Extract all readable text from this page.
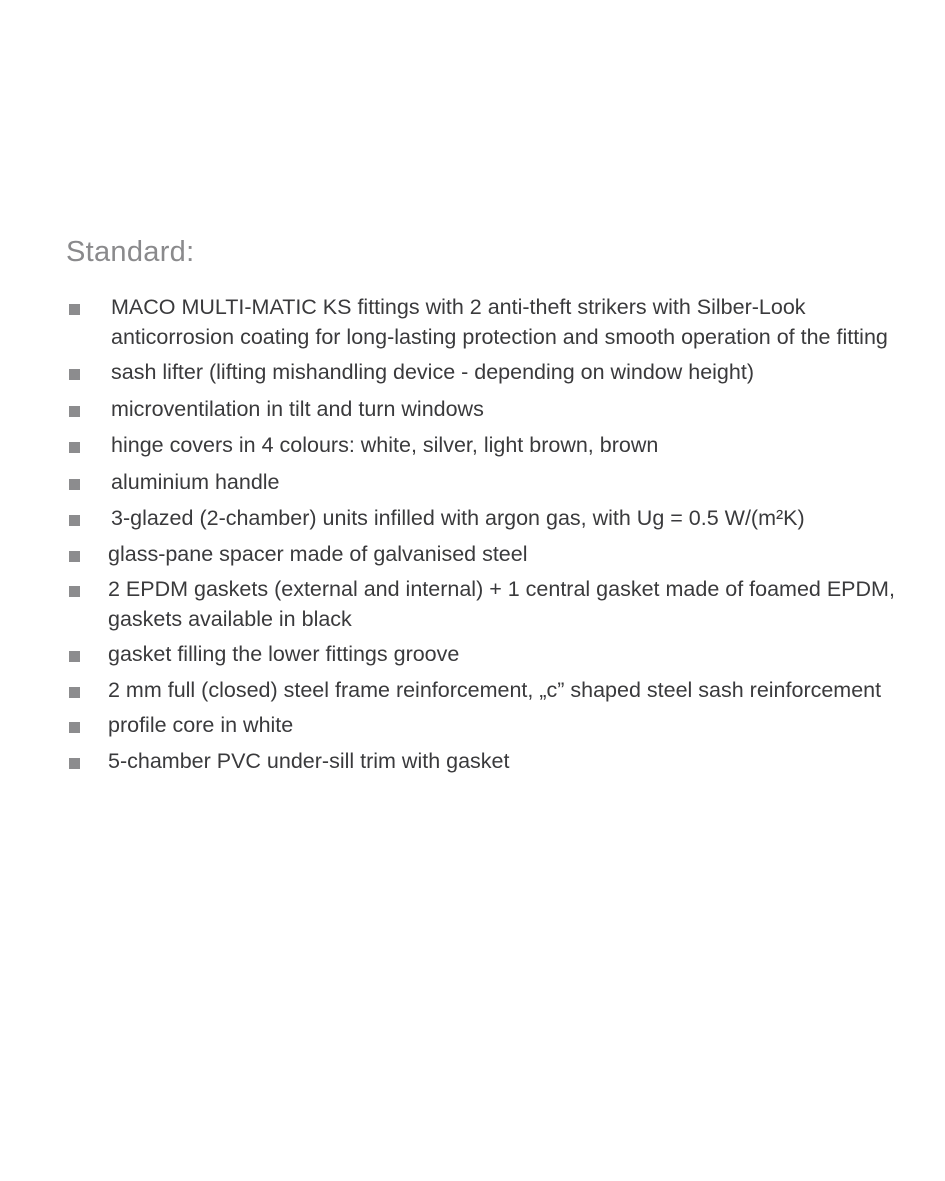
Standard:
MACO MULTI-MATIC KS fittings with 2 anti-theft strikers with Silber-Look anticorrosion coating for long-lasting protection and smooth operation of the fitting
sash lifter (lifting mishandling device - depending on window height)
microventilation in tilt and turn windows
hinge covers in 4 colours: white, silver, light brown, brown
aluminium handle
3-glazed (2-chamber) units infilled with argon gas, with Ug = 0.5 W/(m²K)
glass-pane spacer made of galvanised steel
2 EPDM gaskets (external and internal) + 1 central gasket made of foamed EPDM, gaskets available in black
gasket filling the lower fittings groove
2 mm full (closed) steel frame reinforcement, „c” shaped steel sash reinforcement
profile core in white
5-chamber PVC under-sill trim with gasket
